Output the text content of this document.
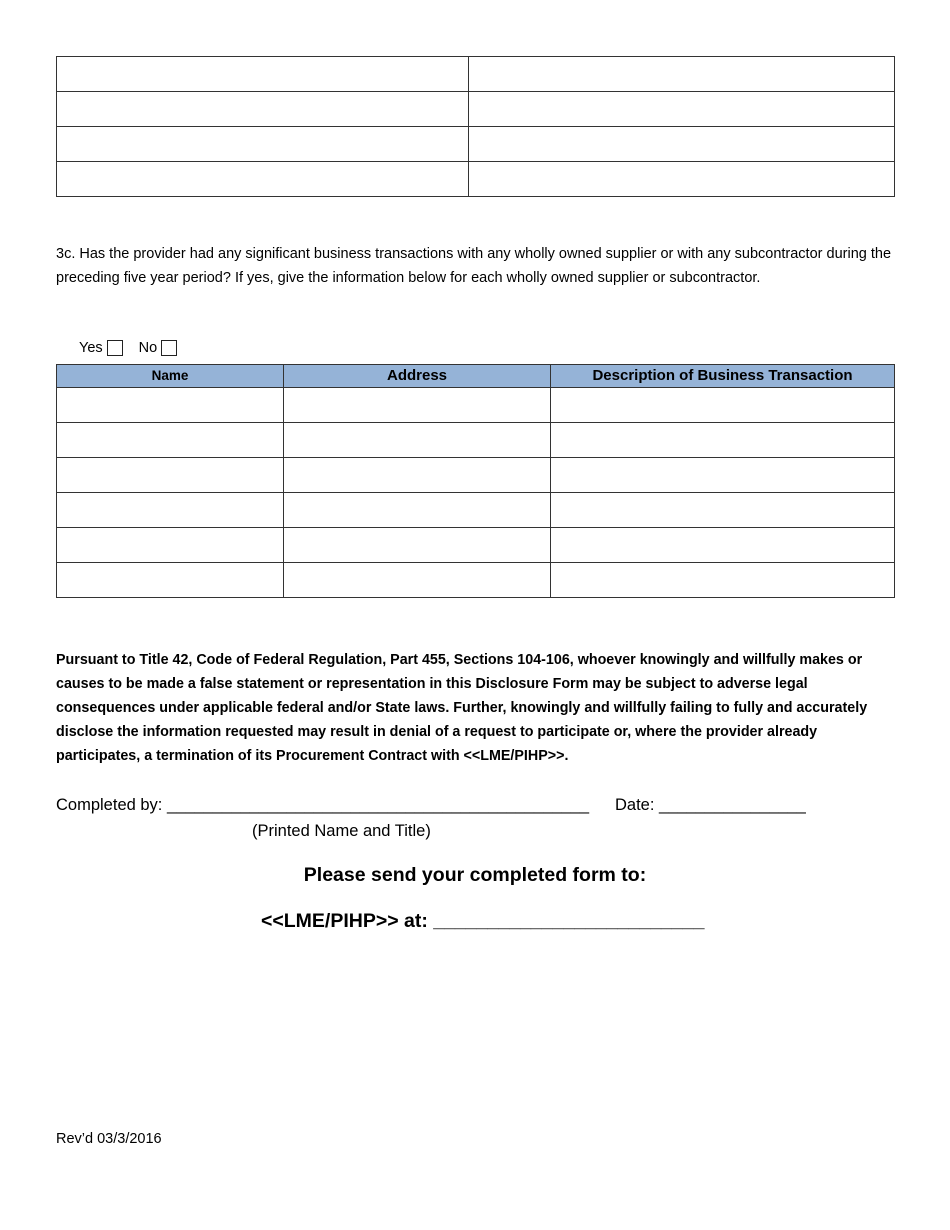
3c. Has the provider had any significant business transactions with any wholly owned supplier or with any subcontractor during the preceding five year period? If yes, give the information below for each wholly owned supplier or subcontractor.
Yes No
Name	Address	Description of Business Transaction

Pursuant to Title 42, Code of Federal Regulation, Part 455, Sections 104-106, whoever knowingly and willfully makes or causes to be made a false statement or representation in this Disclosure Form may be subject to adverse legal consequences under applicable federal and/or State laws. Further, knowingly and willfully failing to fully and accurately disclose the information requested may result in denial of a request to participate or, where the provider already participates, a termination of its Procurement Contract with <<LME/PIHP>>.
Completed by: ______________________________________________ Date: ________________
(Printed Name and Title)
Please send your completed form to:
<<LME/PIHP>> at: _________________________
Rev’d 03/3/2016
